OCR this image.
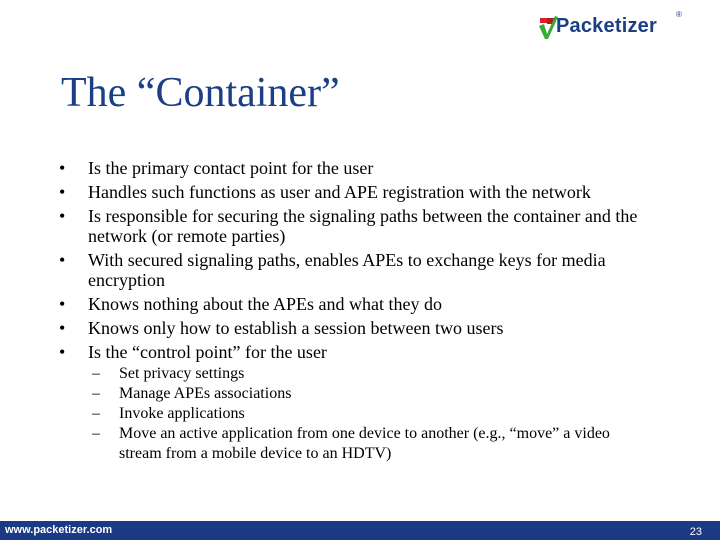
Packetizer
®
The “Container”
•	Is the primary contact point for the user
•	Handles such functions as user and APE registration with the network
•	Is responsible for securing the signaling paths between the container and the network (or remote parties)
•	With secured signaling paths, enables APEs to exchange keys for media encryption
•	Knows nothing about the APEs and what they do
•	Knows only how to establish a session between two users
•	Is the “control point” for the user
–	Set privacy settings
–	Manage APEs associations
–	Invoke applications
–	Move an active application from one device to another (e.g., “move” a video stream from a mobile device to an HDTV)
www.packetizer.com	23
